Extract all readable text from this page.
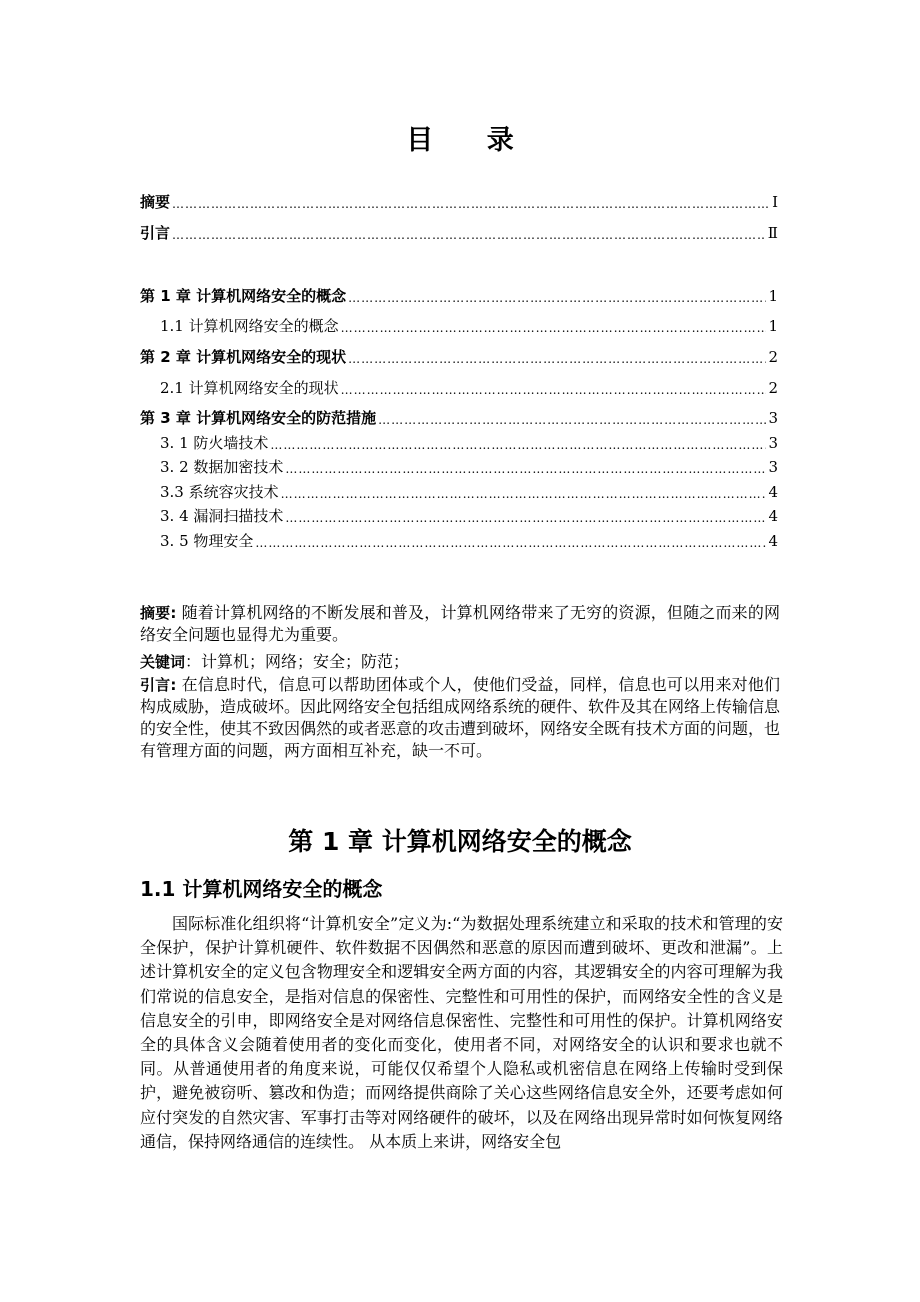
目 录
摘要 ………………………………………………………………………………………………………………………………………………………………………………	Ⅰ
引言 ………………………………………………………………………………………………………………………………………………………………………………	Ⅱ
第 1 章 计算机网络安全的概念 ………………………………………………………………………………………………………………………………………………………………………………	1
1.1 计算机网络安全的概念 ………………………………………………………………………………………………………………………………………………………………………………	1
第 2 章 计算机网络安全的现状 ………………………………………………………………………………………………………………………………………………………………………………	2
2.1 计算机网络安全的现状 ………………………………………………………………………………………………………………………………………………………………………………	2
第 3 章 计算机网络安全的防范措施 ………………………………………………………………………………………………………………………………………………………………………………	3
3. 1 防火墙技术 ………………………………………………………………………………………………………………………………………………………………………………	3
3. 2 数据加密技术 ………………………………………………………………………………………………………………………………………………………………………………	3
3.3 系统容灾技术 ………………………………………………………………………………………………………………………………………………………………………………	4
3. 4 漏洞扫描技术 ………………………………………………………………………………………………………………………………………………………………………………	4
3. 5 物理安全 ………………………………………………………………………………………………………………………………………………………………………………	4

摘要: 随着计算机网络的不断发展和普及，计算机网络带来了无穷的资源，但随之而来的网络安全问题也显得尤为重要。

关键词：计算机；网络；安全；防范；

引言: 在信息时代，信息可以帮助团体或个人，使他们受益，同样，信息也可以用来对他们构成威胁，造成破坏。因此网络安全包括组成网络系统的硬件、软件及其在网络上传输信息的安全性，使其不致因偶然的或者恶意的攻击遭到破坏，网络安全既有技术方面的问题，也有管理方面的问题，两方面相互补充，缺一不可。

第 1 章 计算机网络安全的概念
1.1 计算机网络安全的概念

国际标准化组织将“计算机安全”定义为:“为数据处理系统建立和采取的技术和管理的安全保护，保护计算机硬件、软件数据不因偶然和恶意的原因而遭到破坏、更改和泄漏”。上述计算机安全的定义包含物理安全和逻辑安全两方面的内容，其逻辑安全的内容可理解为我们常说的信息安全，是指对信息的保密性、完整性和可用性的保护，而网络安全性的含义是信息安全的引申，即网络安全是对网络信息保密性、完整性和可用性的保护。计算机网络安全的具体含义会随着使用者的变化而变化，使用者不同，对网络安全的认识和要求也就不同。从普通使用者的角度来说，可能仅仅希望个人隐私或机密信息在网络上传输时受到保护，避免被窃听、篡改和伪造；而网络提供商除了关心这些网络信息安全外，还要考虑如何应付突发的自然灾害、军事打击等对网络硬件的破坏，以及在网络出现异常时如何恢复网络通信，保持网络通信的连续性。 从本质上来讲，网络安全包
